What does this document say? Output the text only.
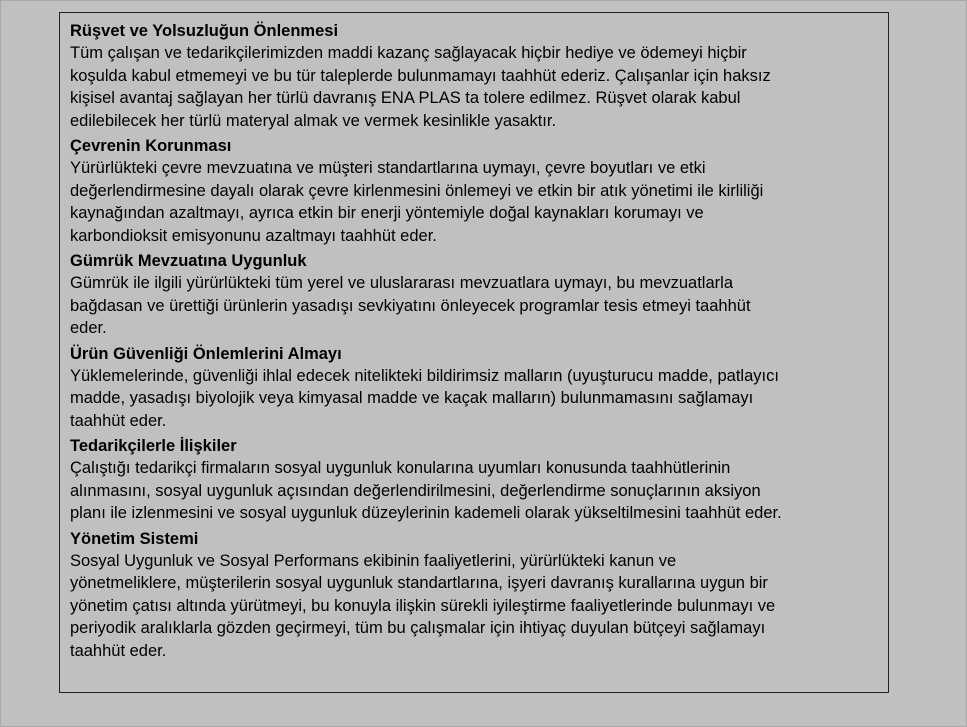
Rüşvet ve Yolsuzluğun Önlenmesi
Tüm çalışan ve tedarikçilerimizden maddi kazanç sağlayacak hiçbir hediye ve ödemeyi hiçbir
koşulda kabul etmemeyi ve bu tür taleplerde bulunmamayı taahhüt ederiz. Çalışanlar için haksız
kişisel avantaj sağlayan her türlü davranış ENA PLAS ta tolere edilmez. Rüşvet olarak kabul
edilebilecek her türlü materyal almak ve vermek kesinlikle yasaktır.
Çevrenin Korunması
Yürürlükteki çevre mevzuatına ve müşteri standartlarına uymayı, çevre boyutları ve etki
değerlendirmesine dayalı olarak çevre kirlenmesini önlemeyi ve etkin bir atık yönetimi ile kirliliği
kaynağından azaltmayı, ayrıca etkin bir enerji yöntemiyle doğal kaynakları korumayı ve
karbondioksit emisyonunu azaltmayı taahhüt eder.
Gümrük Mevzuatına Uygunluk
Gümrük ile ilgili yürürlükteki tüm yerel ve uluslararası mevzuatlara uymayı, bu mevzuatlarla
bağdasan ve ürettiği ürünlerin yasadışı sevkiyatını önleyecek programlar tesis etmeyi taahhüt
eder.
Ürün Güvenliği Önlemlerini Almayı
Yüklemelerinde, güvenliği ihlal edecek nitelikteki bildirimsiz malların (uyuşturucu madde, patlayıcı
madde, yasadışı biyolojik veya kimyasal madde ve kaçak malların) bulunmamasını sağlamayı
taahhüt eder.
Tedarikçilerle İlişkiler
Çalıştığı tedarikçi firmaların sosyal uygunluk konularına uyumları konusunda taahhütlerinin
alınmasını, sosyal uygunluk açısından değerlendirilmesini, değerlendirme sonuçlarının aksiyon
planı ile izlenmesini ve sosyal uygunluk düzeylerinin kademeli olarak yükseltilmesini taahhüt eder.
Yönetim Sistemi
Sosyal Uygunluk ve Sosyal Performans ekibinin faaliyetlerini, yürürlükteki kanun ve
yönetmeliklere, müşterilerin sosyal uygunluk standartlarına, işyeri davranış kurallarına uygun bir
yönetim çatısı altında yürütmeyi, bu konuyla ilişkin sürekli iyileştirme faaliyetlerinde bulunmayı ve
periyodik aralıklarla gözden geçirmeyi, tüm bu çalışmalar için ihtiyaç duyulan bütçeyi sağlamayı
taahhüt eder.
